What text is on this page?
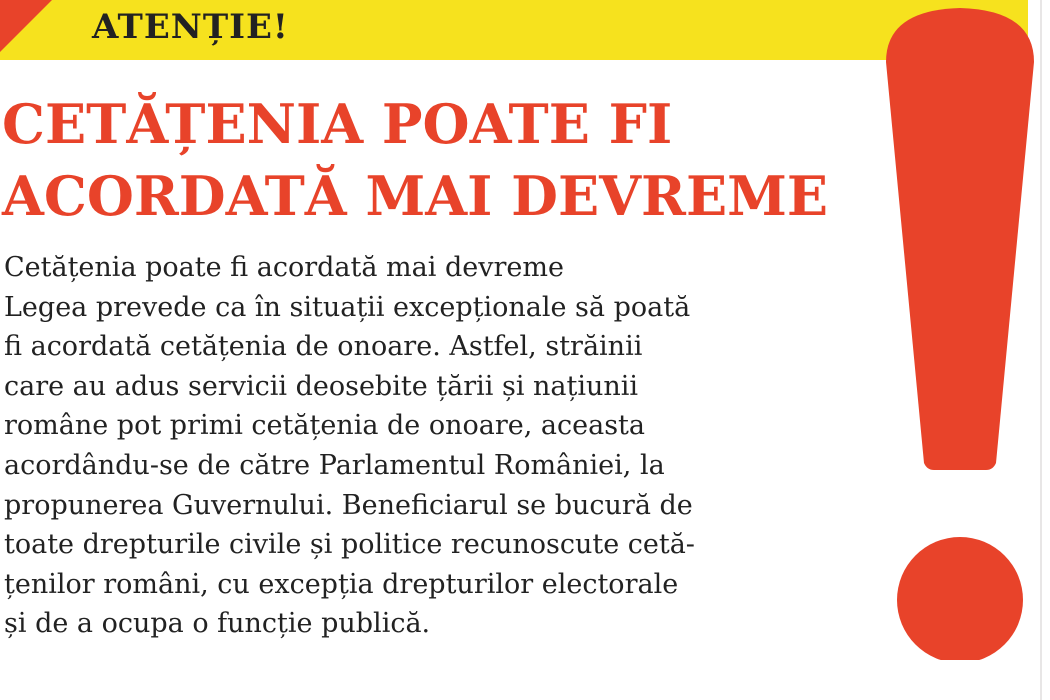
ATENȚIE!
CETĂȚENIA POATE FI
ACORDATĂ MAI DEVREME
Cetățenia poate fi acordată mai devreme
Legea prevede ca în situații excepționale să poată
fi acordată cetățenia de onoare. Astfel, străinii
care au adus servicii deosebite țării și națiunii
române pot primi cetățenia de onoare, aceasta
acordându-se de către Parlamentul României, la
propunerea Guvernului. Beneficiarul se bucură de
toate drepturile civile și politice recunoscute cetă-
țenilor români, cu excepția drepturilor electorale
și de a ocupa o funcție publică.
